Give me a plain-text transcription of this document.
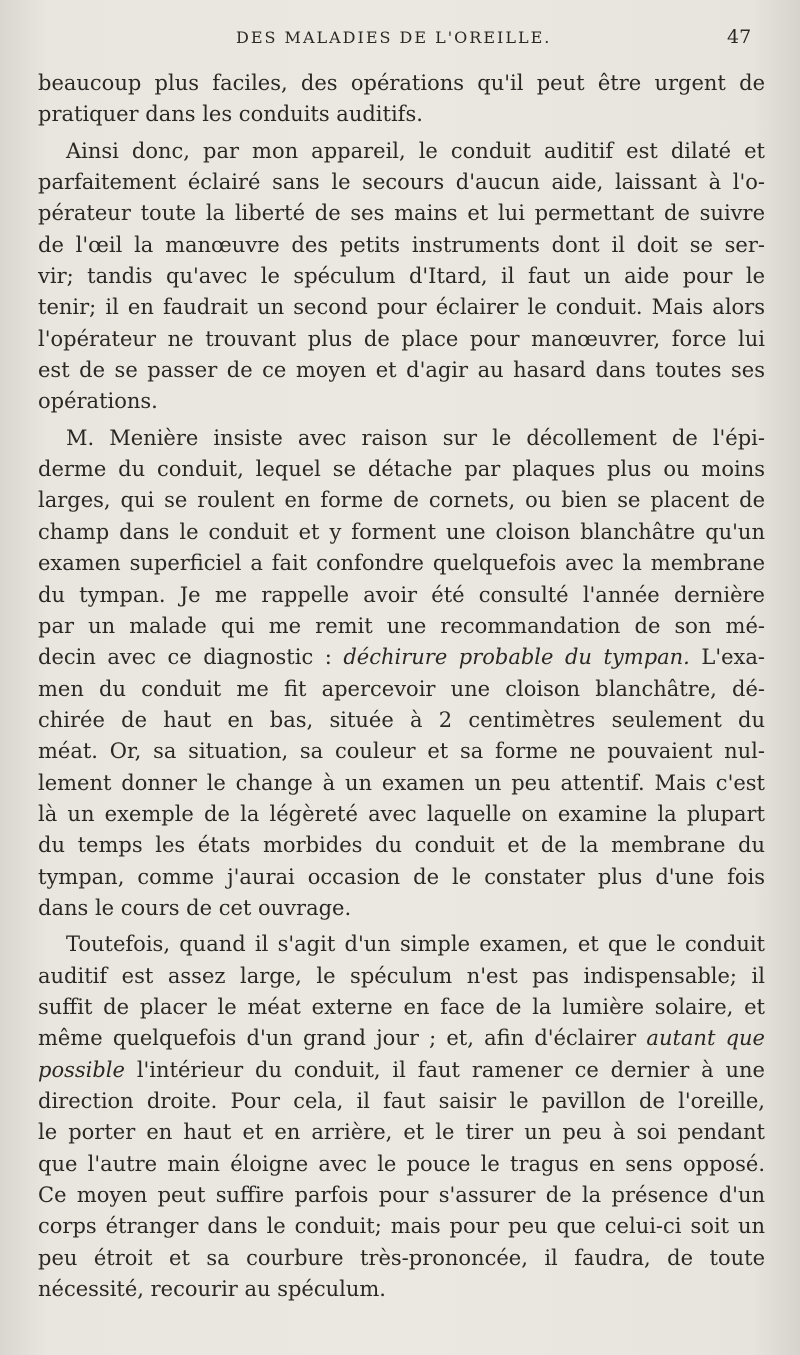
DES MALADIES DE L'OREILLE.	47
beaucoup plus faciles, des opérations qu'il peut être urgent de
pratiquer dans les conduits auditifs.
Ainsi donc, par mon appareil, le conduit auditif est dilaté et
parfaitement éclairé sans le secours d'aucun aide, laissant à l'o-
pérateur toute la liberté de ses mains et lui permettant de suivre
de l'œil la manœuvre des petits instruments dont il doit se ser-
vir; tandis qu'avec le spéculum d'Itard, il faut un aide pour le
tenir; il en faudrait un second pour éclairer le conduit. Mais alors
l'opérateur ne trouvant plus de place pour manœuvrer, force lui
est de se passer de ce moyen et d'agir au hasard dans toutes ses
opérations.
M. Menière insiste avec raison sur le décollement de l'épi-
derme du conduit, lequel se détache par plaques plus ou moins
larges, qui se roulent en forme de cornets, ou bien se placent de
champ dans le conduit et y forment une cloison blanchâtre qu'un
examen superficiel a fait confondre quelquefois avec la membrane
du tympan. Je me rappelle avoir été consulté l'année dernière
par un malade qui me remit une recommandation de son mé-
decin avec ce diagnostic : déchirure probable du tympan. L'exa-
men du conduit me fit apercevoir une cloison blanchâtre, dé-
chirée de haut en bas, située à 2 centimètres seulement du
méat. Or, sa situation, sa couleur et sa forme ne pouvaient nul-
lement donner le change à un examen un peu attentif. Mais c'est
là un exemple de la légèreté avec laquelle on examine la plupart
du temps les états morbides du conduit et de la membrane du
tympan, comme j'aurai occasion de le constater plus d'une fois
dans le cours de cet ouvrage.
Toutefois, quand il s'agit d'un simple examen, et que le conduit
auditif est assez large, le spéculum n'est pas indispensable; il
suffit de placer le méat externe en face de la lumière solaire, et
même quelquefois d'un grand jour ; et, afin d'éclairer autant que
possible l'intérieur du conduit, il faut ramener ce dernier à une
direction droite. Pour cela, il faut saisir le pavillon de l'oreille,
le porter en haut et en arrière, et le tirer un peu à soi pendant
que l'autre main éloigne avec le pouce le tragus en sens opposé.
Ce moyen peut suffire parfois pour s'assurer de la présence d'un
corps étranger dans le conduit; mais pour peu que celui-ci soit un
peu étroit et sa courbure très-prononcée, il faudra, de toute
nécessité, recourir au spéculum.
